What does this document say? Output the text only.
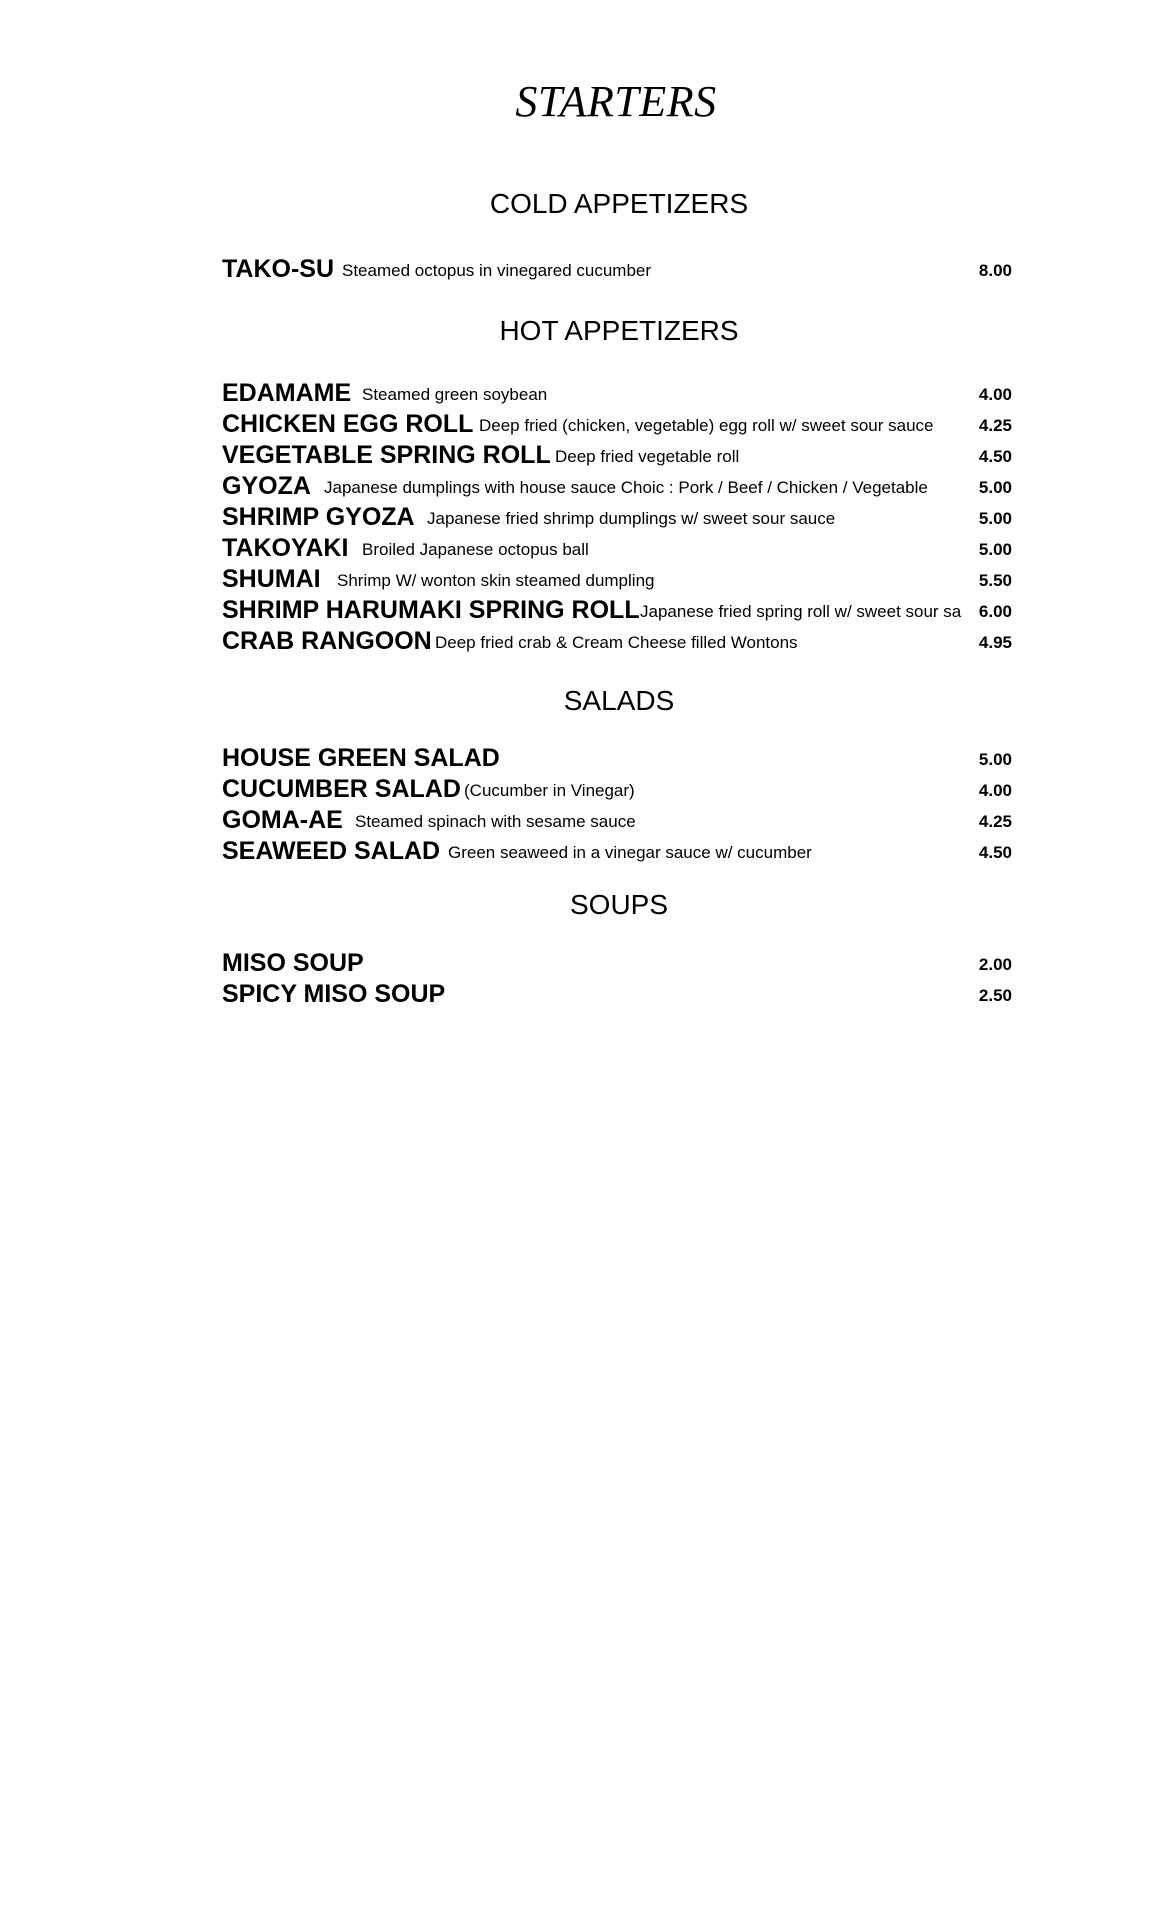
STARTERS
COLD APPETIZERS
TAKO-SU Steamed octopus in vinegared cucumber	8.00
HOT APPETIZERS
EDAMAME Steamed green soybean	4.00
CHICKEN EGG ROLL Deep fried (chicken, vegetable) egg roll w/ sweet sour sauce	4.25
VEGETABLE SPRING ROLL Deep fried vegetable roll	4.50
GYOZA Japanese dumplings with house sauce Choic : Pork / Beef / Chicken / Vegetable	5.00
SHRIMP GYOZA Japanese fried shrimp dumplings w/ sweet sour sauce	5.00
TAKOYAKI Broiled Japanese octopus ball	5.00
SHUMAI Shrimp W/ wonton skin steamed dumpling	5.50
SHRIMP HARUMAKI SPRING ROLL Japanese fried spring roll w/ sweet sour sa	6.00
CRAB RANGOON Deep fried crab & Cream Cheese filled Wontons	4.95
SALADS
HOUSE GREEN SALAD	5.00
CUCUMBER SALAD (Cucumber in Vinegar)	4.00
GOMA-AE Steamed spinach with sesame sauce	4.25
SEAWEED SALAD Green seaweed in a vinegar sauce w/ cucumber	4.50
SOUPS
MISO SOUP	2.00
SPICY MISO SOUP	2.50
